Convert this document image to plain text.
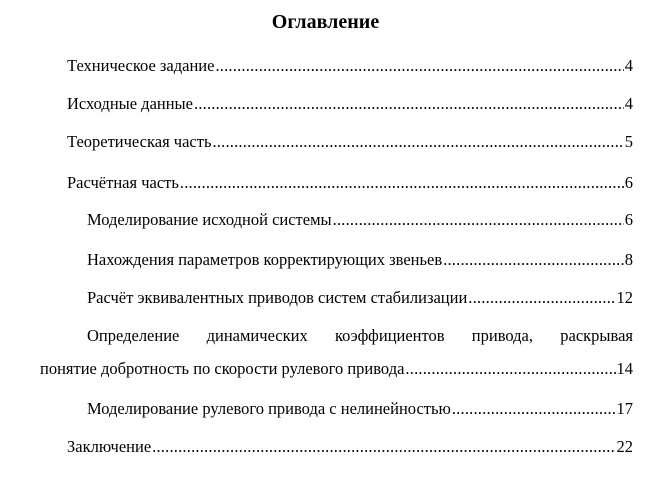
Оглавление
Техническое задание .....	4
Исходные данные .....	4
Теоретическая часть .....	5
Расчётная часть .....	6
Моделирование исходной системы .....	6
Нахождения параметров корректирующих звеньев .....	8
Расчёт эквивалентных приводов систем стабилизации .....	12
Определение динамических коэффициентов привода, раскрывая
понятие добротность по скорости рулевого привода .....	14
Моделирование рулевого привода с нелинейностью .....	17
Заключение .....	22
